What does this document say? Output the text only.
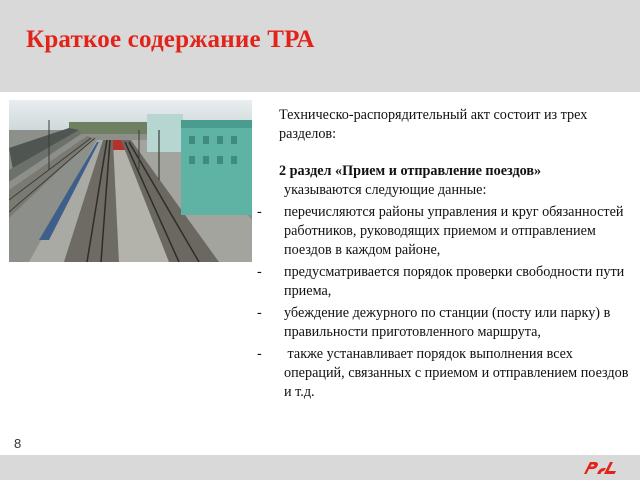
Краткое содержание ТРА
Техническо-распорядительный акт состоит из трех разделов:
2 раздел «Прием и отправление поездов»
указываются следующие данные:
- перечисляются районы управления и круг обязанностей работников, руководящих приемом и отправлением поездов в каждом районе,
- предусматривается порядок проверки свободности пути приема,
- убеждение дежурного по станции (посту или парку) в правильности приготовленного маршрута,
- также устанавливает порядок выполнения всех операций, связанных с приемом и отправлением поездов и т.д.
8
